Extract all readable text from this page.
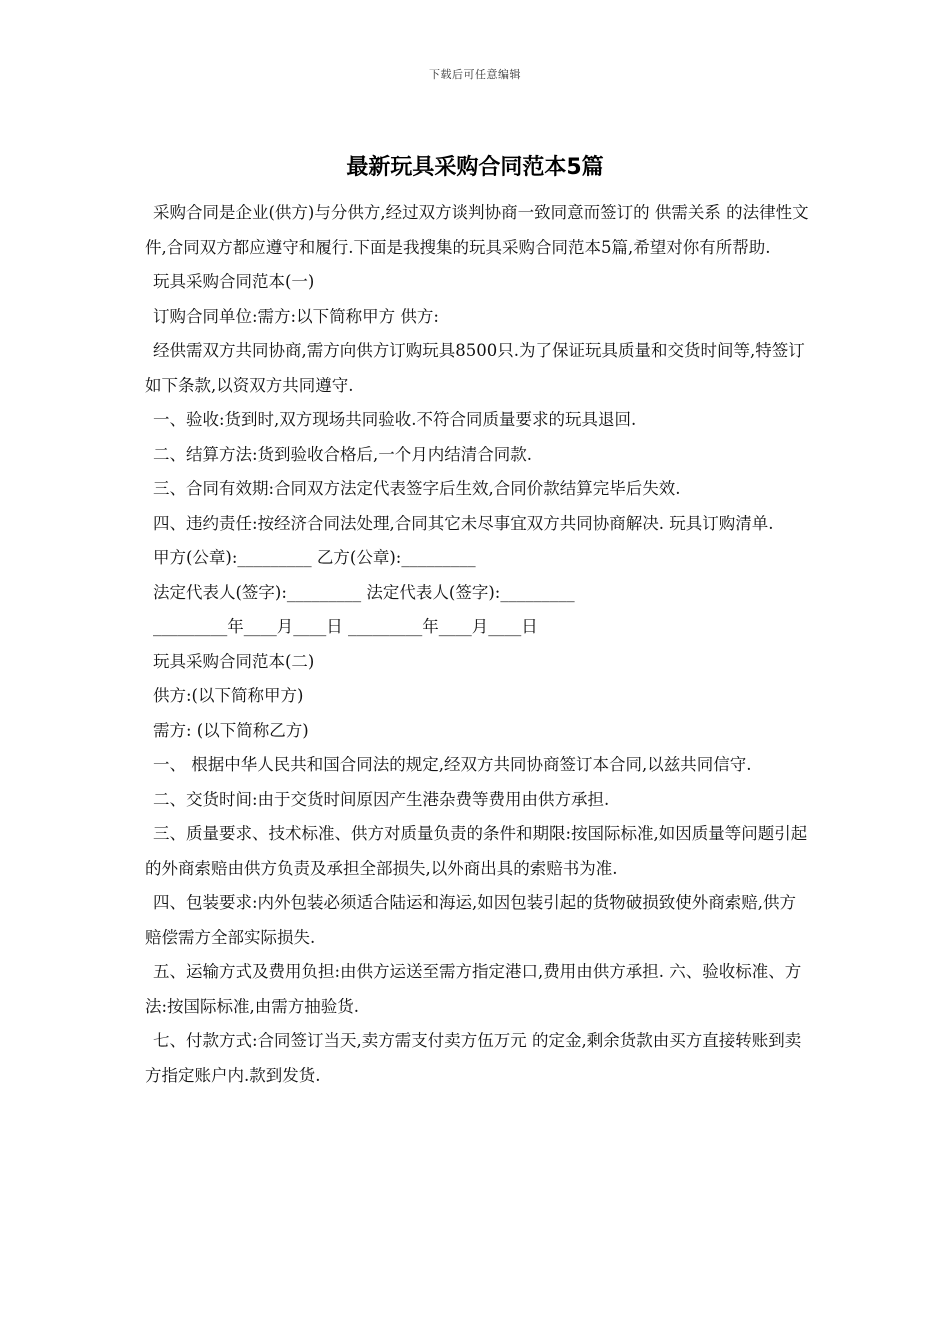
下载后可任意编辑
最新玩具采购合同范本5篇

采购合同是企业(供方)与分供方,经过双方谈判协商一致同意而签订的 供需关系 的法律性文件,合同双方都应遵守和履行.下面是我搜集的玩具采购合同范本5篇,希望对你有所帮助.

玩具采购合同范本(一)

订购合同单位:需方:以下简称甲方 供方:

经供需双方共同协商,需方向供方订购玩具8500只.为了保证玩具质量和交货时间等,特签订如下条款,以资双方共同遵守.

一、验收:货到时,双方现场共同验收.不符合同质量要求的玩具退回.

二、结算方法:货到验收合格后,一个月内结清合同款.

三、合同有效期:合同双方法定代表签字后生效,合同价款结算完毕后失效.

四、违约责任:按经济合同法处理,合同其它未尽事宜双方共同协商解决. 玩具订购清单.

甲方(公章):_________ 乙方(公章):_________

法定代表人(签字):_________ 法定代表人(签字):_________

_________年____月____日 _________年____月____日

玩具采购合同范本(二)

供方:(以下简称甲方)

需方: (以下简称乙方)

一、 根据中华人民共和国合同法的规定,经双方共同协商签订本合同,以兹共同信守.

二、交货时间:由于交货时间原因产生港杂费等费用由供方承担.

三、质量要求、技术标准、供方对质量负责的条件和期限:按国际标准,如因质量等问题引起的外商索赔由供方负责及承担全部损失,以外商出具的索赔书为准.

四、包装要求:内外包装必须适合陆运和海运,如因包装引起的货物破损致使外商索赔,供方赔偿需方全部实际损失.

五、运输方式及费用负担:由供方运送至需方指定港口,费用由供方承担. 六、验收标准、方法:按国际标准,由需方抽验货.

七、付款方式:合同签订当天,卖方需支付卖方伍万元 的定金,剩余货款由买方直接转账到卖方指定账户内.款到发货.
